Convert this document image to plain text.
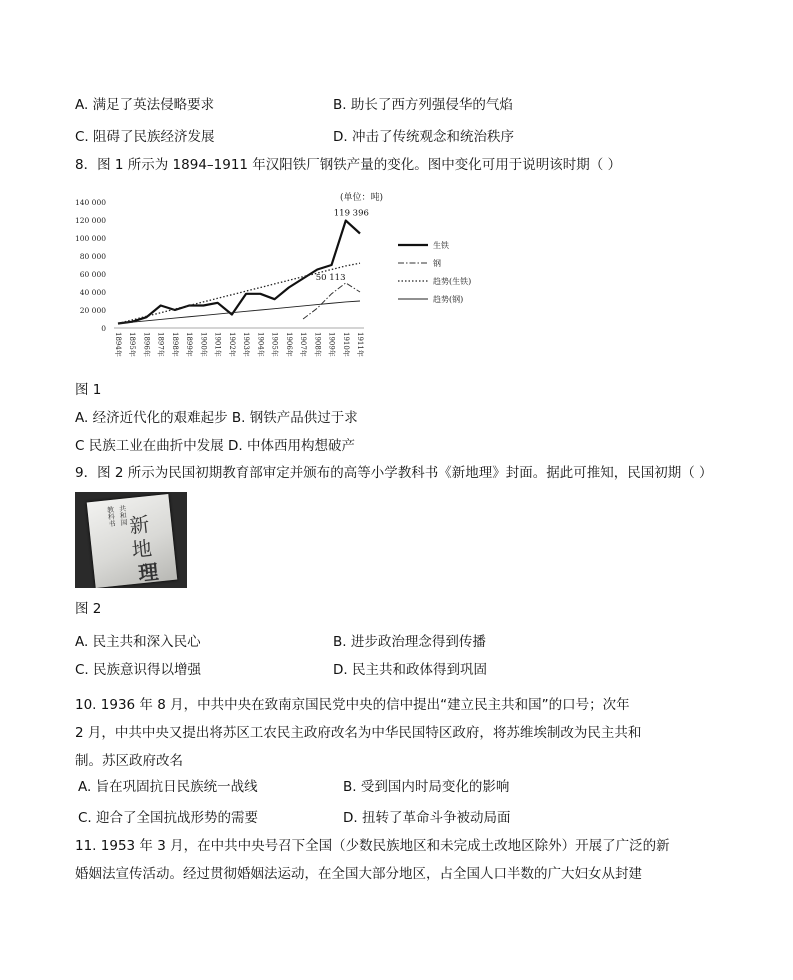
A. 满足了英法侵略要求	B. 助长了西方列强侵华的气焰
C. 阻碍了民族经济发展	D. 冲击了传统观念和统治秩序
8．图 1 所示为 1894–1911 年汉阳铁厂钢铁产量的变化。图中变化可用于说明该时期（ ）
140 000
120 000
100 000
80 000
60 000
40 000
20 000
0
1894年 1895年 1896年 1897年 1898年 1899年 1900年 1901年 1902年 1903年 1904年 1905年 1906年 1907年 1908年 1909年 1910年 1911年
119 396
50 113
生铁
钢
趋势(生铁)
趋势(钢)
(单位：吨)
图 1
A. 经济近代化的艰难起步 B. 钢铁产品供过于求
C 民族工业在曲折中发展 D. 中体西用构想破产
9．图 2 所示为民国初期教育部审定并颁布的高等小学教科书《新地理》封面。据此可推知，民国初期（ ）
共和国
教科书 新
地
理
图 2
A. 民主共和深入民心	B. 进步政治理念得到传播
C. 民族意识得以增强	D. 民主共和政体得到巩固
10. 1936 年 8 月，中共中央在致南京国民党中央的信中提出“建立民主共和国”的口号；次年
2 月，中共中央又提出将苏区工农民主政府改名为中华民国特区政府，将苏维埃制改为民主共和
制。苏区政府改名
A. 旨在巩固抗日民族统一战线	B. 受到国内时局变化的影响
C. 迎合了全国抗战形势的需要	D. 扭转了革命斗争被动局面
11. 1953 年 3 月，在中共中央号召下全国（少数民族地区和未完成土改地区除外）开展了广泛的新
婚姻法宣传活动。经过贯彻婚姻法运动，在全国大部分地区，占全国人口半数的广大妇女从封建
